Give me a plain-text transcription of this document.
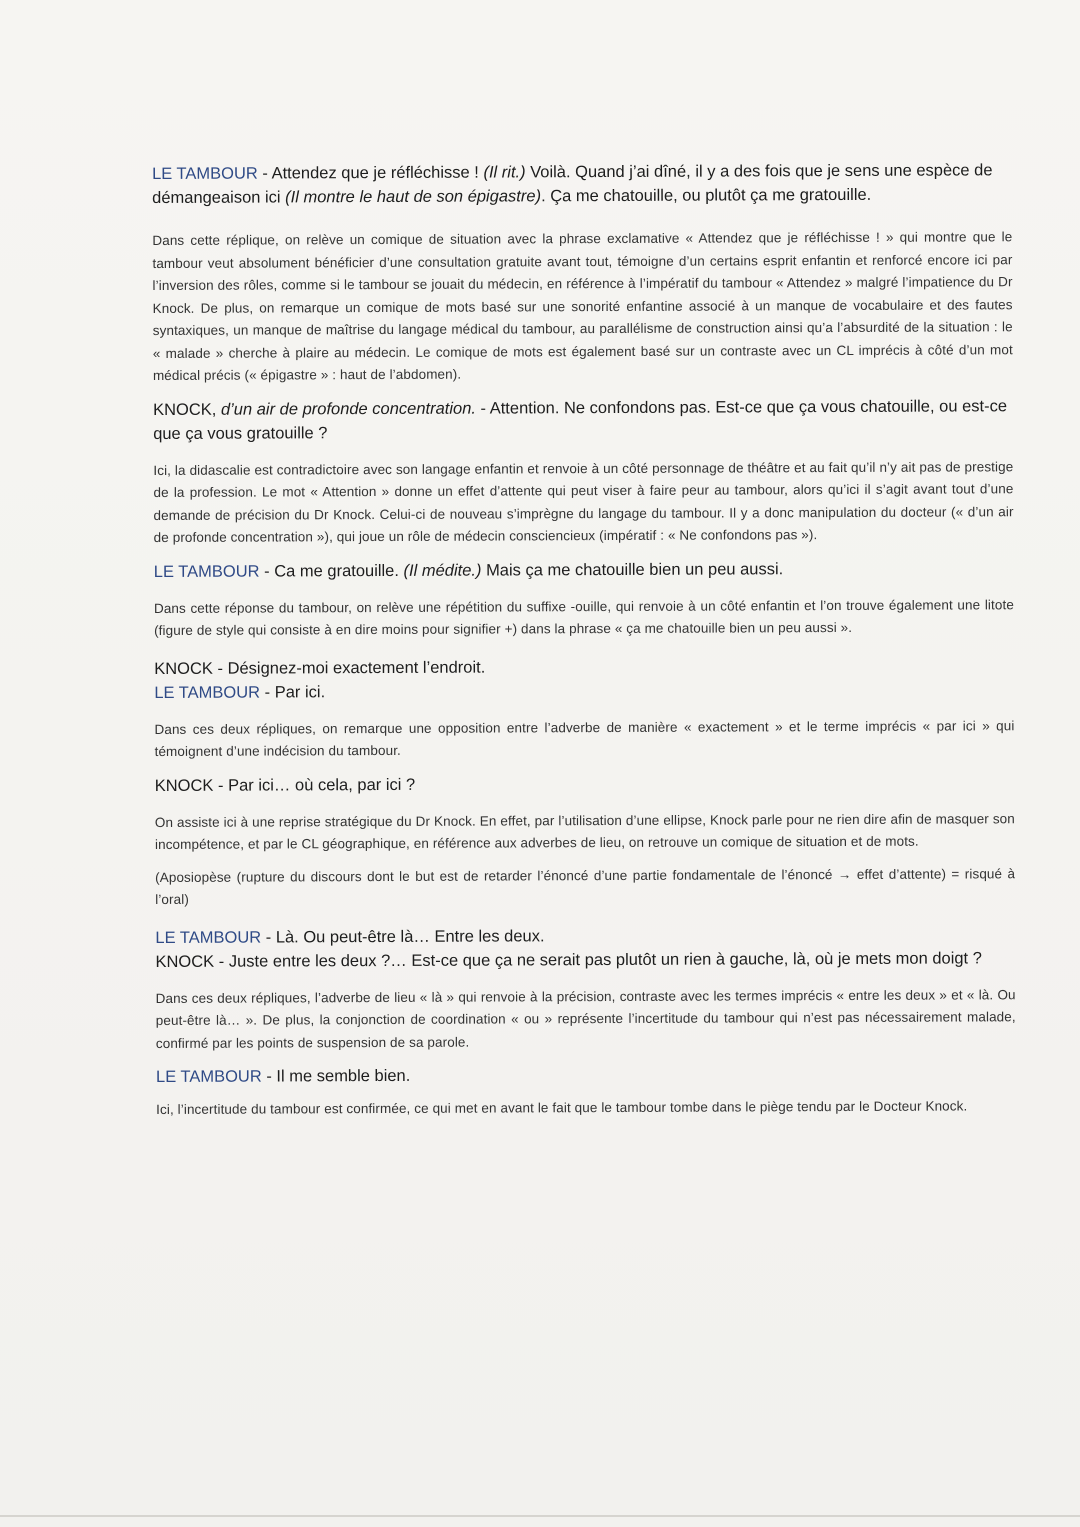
LE TAMBOUR - Attendez que je réfléchisse ! (Il rit.) Voilà. Quand j’ai dîné, il y a des fois que je sens une espèce de démangeaison ici (Il montre le haut de son épigastre). Ça me chatouille, ou plutôt ça me gratouille.

Dans cette réplique, on relève un comique de situation avec la phrase exclamative « Attendez que je réfléchisse ! » qui montre que le tambour veut absolument bénéficier d’une consultation gratuite avant tout, témoigne d’un certains esprit enfantin et renforcé encore ici par l’inversion des rôles, comme si le tambour se jouait du médecin, en référence à l’impératif du tambour « Attendez » malgré l’impatience du Dr Knock. De plus, on remarque un comique de mots basé sur une sonorité enfantine associé à un manque de vocabulaire et des fautes syntaxiques, un manque de maîtrise du langage médical du tambour, au parallélisme de construction ainsi qu’a l’absurdité de la situation : le « malade » cherche à plaire au médecin. Le comique de mots est également basé sur un contraste avec un CL imprécis à côté d’un mot médical précis (« épigastre » : haut de l’abdomen).

KNOCK, d’un air de profonde concentration. - Attention. Ne confondons pas. Est-ce que ça vous chatouille, ou est-ce que ça vous gratouille ?

Ici, la didascalie est contradictoire avec son langage enfantin et renvoie à un côté personnage de théâtre et au fait qu’il n’y ait pas de prestige de la profession. Le mot « Attention » donne un effet d’attente qui peut viser à faire peur au tambour, alors qu’ici il s’agit avant tout d’une demande de précision du Dr Knock. Celui-ci de nouveau s’imprègne du langage du tambour. Il y a donc manipulation du docteur (« d’un air de profonde concentration »), qui joue un rôle de médecin consciencieux (impératif : « Ne confondons pas »).

LE TAMBOUR - Ca me gratouille. (Il médite.) Mais ça me chatouille bien un peu aussi.

Dans cette réponse du tambour, on relève une répétition du suffixe -ouille, qui renvoie à un côté enfantin et l’on trouve également une litote (figure de style qui consiste à en dire moins pour signifier +) dans la phrase « ça me chatouille bien un peu aussi ».

KNOCK - Désignez-moi exactement l’endroit.

LE TAMBOUR - Par ici.

Dans ces deux répliques, on remarque une opposition entre l’adverbe de manière « exactement » et le terme imprécis « par ici » qui témoignent d’une indécision du tambour.

KNOCK - Par ici… où cela, par ici ?

On assiste ici à une reprise stratégique du Dr Knock. En effet, par l’utilisation d’une ellipse, Knock parle pour ne rien dire afin de masquer son incompétence, et par le CL géographique, en référence aux adverbes de lieu, on retrouve un comique de situation et de mots.

(Aposiopèse (rupture du discours dont le but est de retarder l’énoncé d’une partie fondamentale de l’énoncé → effet d’attente) = risqué à l’oral)

LE TAMBOUR - Là. Ou peut-être là… Entre les deux.

KNOCK - Juste entre les deux ?… Est-ce que ça ne serait pas plutôt un rien à gauche, là, où je mets mon doigt ?

Dans ces deux répliques, l’adverbe de lieu « là » qui renvoie à la précision, contraste avec les termes imprécis « entre les deux » et « là. Ou peut-être là… ». De plus, la conjonction de coordination « ou » représente l’incertitude du tambour qui n’est pas nécessairement malade, confirmé par les points de suspension de sa parole.

LE TAMBOUR - Il me semble bien.

Ici, l’incertitude du tambour est confirmée, ce qui met en avant le fait que le tambour tombe dans le piège tendu par le Docteur Knock.
